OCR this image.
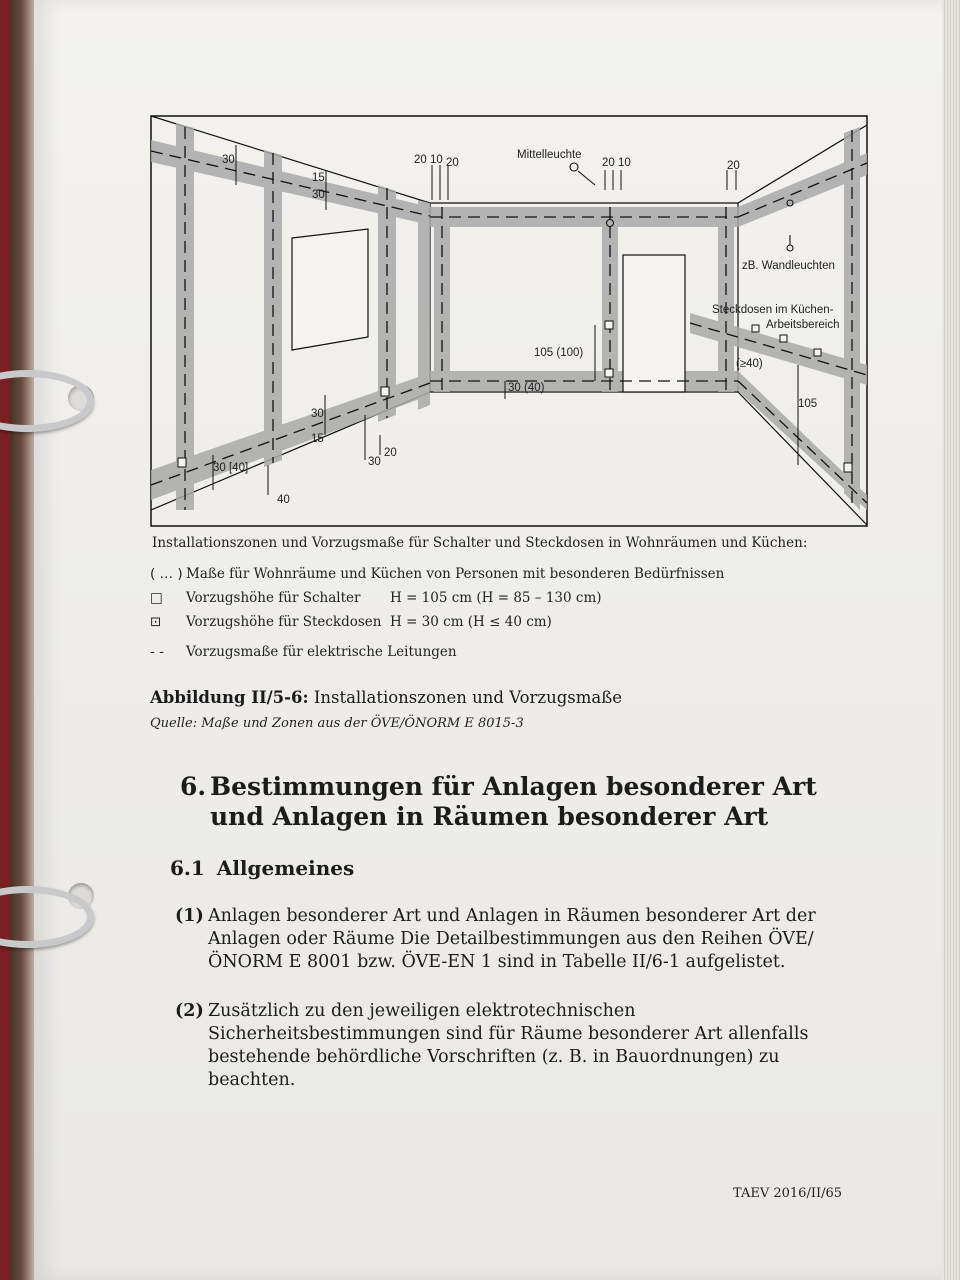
30
15
30
20 10 20
Mittelleuchte
20 10	20
zB. Wandleuchten
Steckdosen im Küchen-
Arbeitsbereich
105 (100)
30 (40)
(≥40)
105
30
15
30
20
30 [40]
40
Installationszonen und Vorzugsmaße für Schalter und Steckdosen in Wohnräumen und Küchen:
( … ) Maße für Wohnräume und Küchen von Personen mit besonderen Bedürfnissen
□ Vorzugshöhe für Schalter H = 105 cm (H = 85 – 130 cm)
⊡ Vorzugshöhe für Steckdosen H = 30 cm (H ≤ 40 cm)
- - Vorzugsmaße für elektrische Leitungen
Abbildung II/5-6: Installationszonen und Vorzugsmaße
Quelle: Maße und Zonen aus der ÖVE/ÖNORM E 8015-3
6. Bestimmungen für Anlagen besonderer Art und Anlagen in Räumen besonderer Art
6.1 Allgemeines
(1) Anlagen besonderer Art und Anlagen in Räumen besonderer Art der Anlagen oder Räume Die Detailbestimmungen aus den Reihen ÖVE/ÖNORM E 8001 bzw. ÖVE-EN 1 sind in Tabelle II/6-1 aufgelistet.
(2) Zusätzlich zu den jeweiligen elektrotechnischen Sicherheitsbestimmungen sind für Räume besonderer Art allenfalls bestehende behördliche Vorschriften (z. B. in Bauordnungen) zu beachten.
TAEV 2016/II/65
